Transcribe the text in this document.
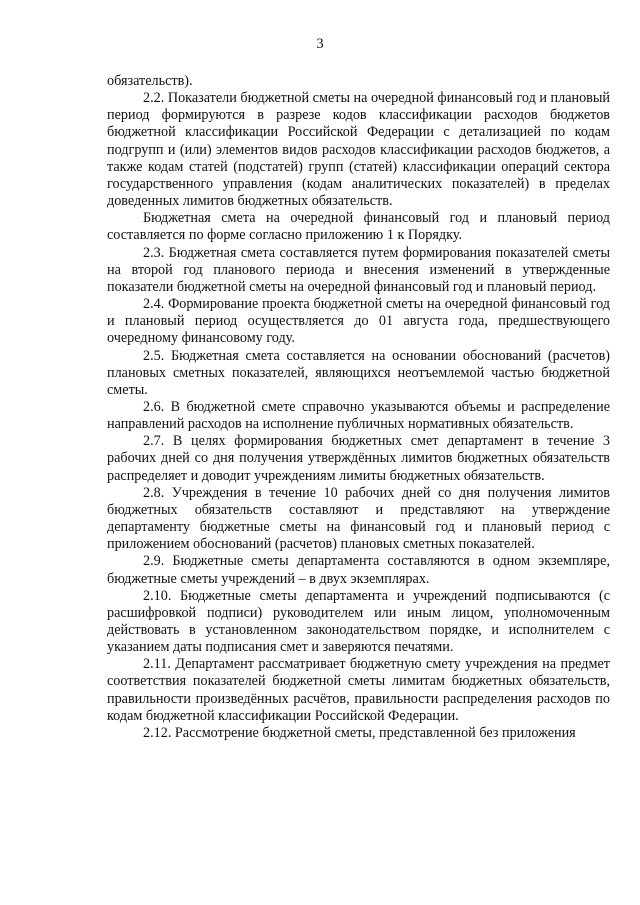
3

обязательств).

2.2. Показатели бюджетной сметы на очередной финансовый год и плановый период формируются в разрезе кодов классификации расходов бюджетов бюджетной классификации Российской Федерации с детализацией по кодам подгрупп и (или) элементов видов расходов классификации расходов бюджетов, а также кодам статей (подстатей) групп (статей) классификации операций сектора государственного управления (кодам аналитических показателей) в пределах доведенных лимитов бюджетных обязательств.

Бюджетная смета на очередной финансовый год и плановый период составляется по форме согласно приложению 1 к Порядку.

2.3. Бюджетная смета составляется путем формирования показателей сметы на второй год планового периода и внесения изменений в утвержденные показатели бюджетной сметы на очередной финансовый год и плановый период.

2.4. Формирование проекта бюджетной сметы на очередной финансовый год и плановый период осуществляется до 01 августа года, предшествующего очередному финансовому году.

2.5. Бюджетная смета составляется на основании обоснований (расчетов) плановых сметных показателей, являющихся неотъемлемой частью бюджетной сметы.

2.6. В бюджетной смете справочно указываются объемы и распределение направлений расходов на исполнение публичных нормативных обязательств.

2.7. В целях формирования бюджетных смет департамент в течение 3 рабочих дней со дня получения утверждённых лимитов бюджетных обязательств распределяет и доводит учреждениям лимиты бюджетных обязательств.

2.8. Учреждения в течение 10 рабочих дней со дня получения лимитов бюджетных обязательств составляют и представляют на утверждение департаменту бюджетные сметы на финансовый год и плановый период с приложением обоснований (расчетов) плановых сметных показателей.

2.9. Бюджетные сметы департамента составляются в одном экземпляре, бюджетные сметы учреждений – в двух экземплярах.

2.10. Бюджетные сметы департамента и учреждений подписываются (с расшифровкой подписи) руководителем или иным лицом, уполномоченным действовать в установленном законодательством порядке, и исполнителем с указанием даты подписания смет и заверяются печатями.

2.11. Департамент рассматривает бюджетную смету учреждения на предмет соответствия показателей бюджетной сметы лимитам бюджетных обязательств, правильности произведённых расчётов, правильности распределения расходов по кодам бюджетной классификации Российской Федерации.

2.12. Рассмотрение бюджетной сметы, представленной без приложения
